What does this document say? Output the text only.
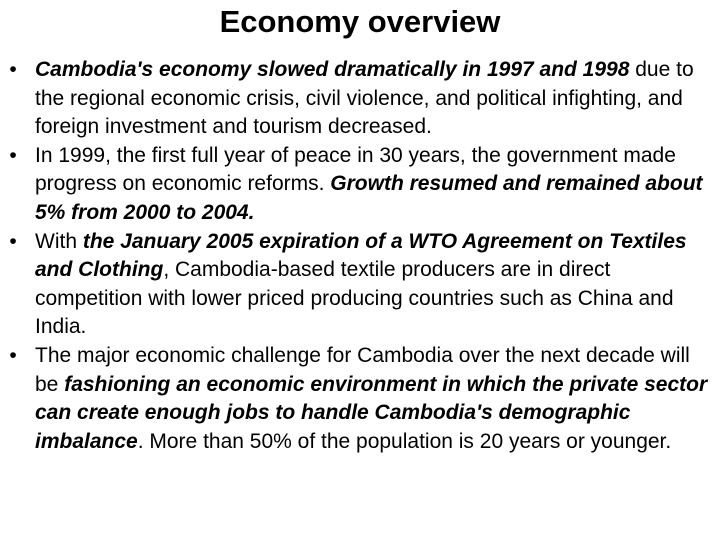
Economy overview
• Cambodia's economy slowed dramatically in 1997 and 1998 due to the regional economic crisis, civil violence, and political infighting, and foreign investment and tourism decreased.
• In 1999, the first full year of peace in 30 years, the government made progress on economic reforms. Growth resumed and remained about 5% from 2000 to 2004.
• With the January 2005 expiration of a WTO Agreement on Textiles and Clothing, Cambodia-based textile producers are in direct competition with lower priced producing countries such as China and India.
• The major economic challenge for Cambodia over the next decade will be fashioning an economic environment in which the private sector can create enough jobs to handle Cambodia's demographic imbalance. More than 50% of the population is 20 years or younger.
